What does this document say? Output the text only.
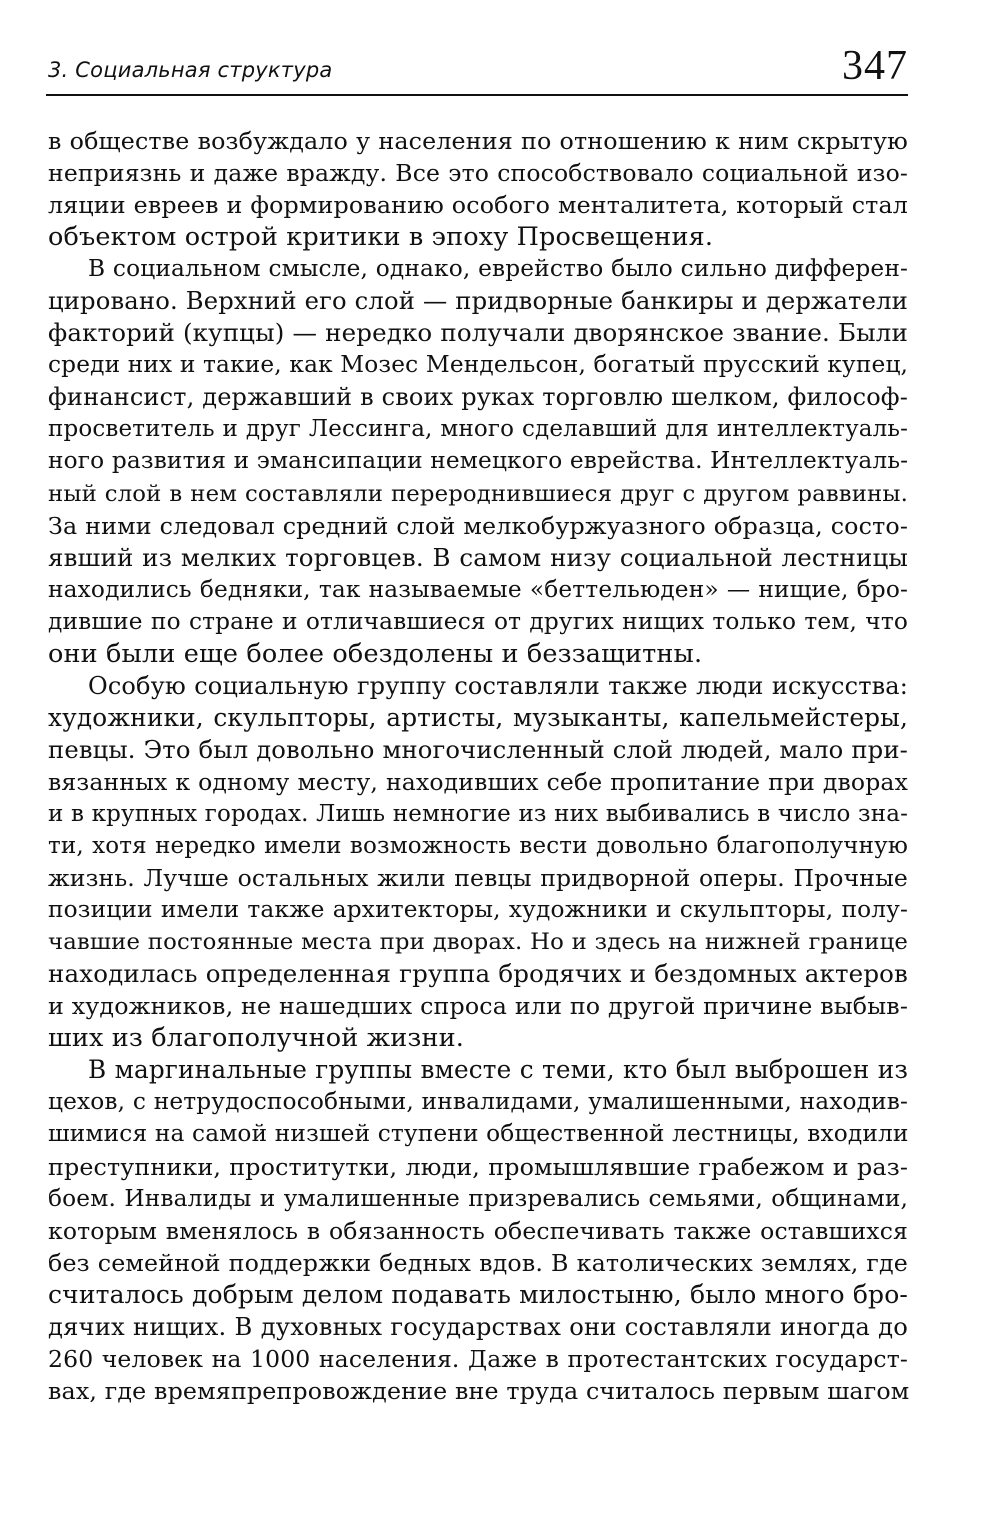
3. Социальная структура	347
в обществе возбуждало у населения по отношению к ним скрытую
неприязнь и даже вражду. Все это способствовало социальной изо-
ляции евреев и формированию особого менталитета, который стал
объектом острой критики в эпоху Просвещения.
В социальном смысле, однако, еврейство было сильно дифферен-
цировано. Верхний его слой — придворные банкиры и держатели
факторий (купцы) — нередко получали дворянское звание. Были
среди них и такие, как Мозес Мендельсон, богатый прусский купец,
финансист, державший в своих руках торговлю шелком, философ-
просветитель и друг Лессинга, много сделавший для интеллектуаль-
ного развития и эмансипации немецкого еврейства. Интеллектуаль-
ный слой в нем составляли перероднившиеся друг с другом раввины.
За ними следовал средний слой мелкобуржуазного образца, состо-
явший из мелких торговцев. В самом низу социальной лестницы
находились бедняки, так называемые «беттельюден» — нищие, бро-
дившие по стране и отличавшиеся от других нищих только тем, что
они были еще более обездолены и беззащитны.
Особую социальную группу составляли также люди искусства:
художники, скульпторы, артисты, музыканты, капельмейстеры,
певцы. Это был довольно многочисленный слой людей, мало при-
вязанных к одному месту, находивших себе пропитание при дворах
и в крупных городах. Лишь немногие из них выбивались в число зна-
ти, хотя нередко имели возможность вести довольно благополучную
жизнь. Лучше остальных жили певцы придворной оперы. Прочные
позиции имели также архитекторы, художники и скульпторы, полу-
чавшие постоянные места при дворах. Но и здесь на нижней границе
находилась определенная группа бродячих и бездомных актеров
и художников, не нашедших спроса или по другой причине выбыв-
ших из благополучной жизни.
В маргинальные группы вместе с теми, кто был выброшен из
цехов, с нетрудоспособными, инвалидами, умалишенными, находив-
шимися на самой низшей ступени общественной лестницы, входили
преступники, проститутки, люди, промышлявшие грабежом и раз-
боем. Инвалиды и умалишенные призревались семьями, общинами,
которым вменялось в обязанность обеспечивать также оставшихся
без семейной поддержки бедных вдов. В католических землях, где
считалось добрым делом подавать милостыню, было много бро-
дячих нищих. В духовных государствах они составляли иногда до
260 человек на 1000 населения. Даже в протестантских государст-
вах, где времяпрепровождение вне труда считалось первым шагом
